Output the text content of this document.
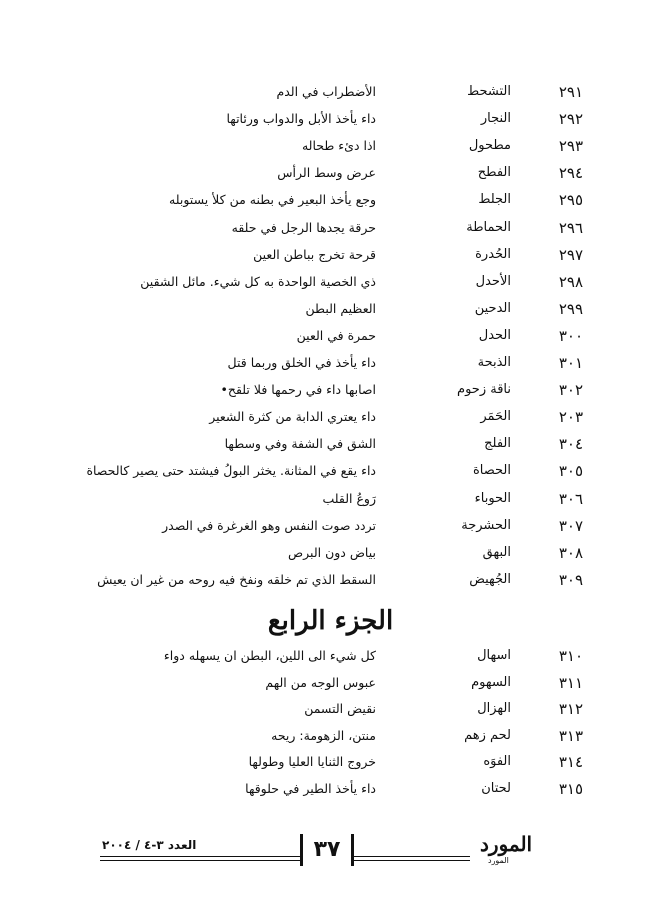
٢٩١
التشحط
الأضطراب في الدم
٢٩٢
النجار
داء يأخذ الأبل والدواب ورئاتها
٢٩٣
مطحول
اذا دئء طحاله
٢٩٤
الفطح
عرض وسط الرأس
٢٩٥
الجلط
وجع يأخذ البعير في بطنه من كلأ يستوبله
٢٩٦
الحماطة
حرقة يجدها الرجل في حلقه
٢٩٧
الحُدرة
قرحة تخرج بباطن العين
٢٩٨
الأحدل
ذي الخصية الواحدة به كل شيء. مائل الشقين
٢٩٩
الدحين
العظيم البطن
٣٠٠
الحدل
حمرة في العين
٣٠١
الذبحة
داء يأخذ في الخلق وربما قتل
٣٠٢
ناقة زحوم
اصابها داء في رحمها فلا تلقح•
٢٠٣
الحَمَر
داء يعتري الدابة من كثرة الشعير
٣٠٤
الفلج
الشق في الشفة وفي وسطها
٣٠٥
الحصاة
داء يقع في المثانة. يخثر البولُ فيشتد حتى يصير كالحصاة
٣٠٦
الحوباء
رَوعُ القلب
٣٠٧
الحشرجة
تردد صوت النفس وهو الغرغرة في الصدر
٣٠٨
البهق
بياض دون البرص
٣٠٩
الجُهيض
السقط الذي تم خلقه ونفخ فيه روحه من غير ان يعيش
الجزء الرابع
٣١٠
اسهال
كل شيء الى اللين، البطن ان يسهله دواء
٣١١
السهوم
عبوس الوجه من الهم
٣١٢
الهزال
نقيض التسمن
٣١٣
لحم زهم
منتن، الزهومة: ريحه
٣١٤
الفوَه
خروج الثنايا العليا وطولها
٣١٥
لحتان
داء يأخذ الطير في حلوقها
العدد ٣-٤ / ٢٠٠٤	٣٧	المورد
المورد
